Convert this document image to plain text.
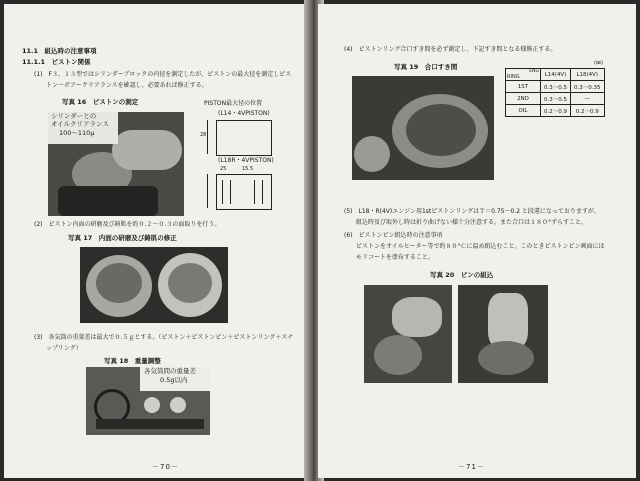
11.1　組込時の注意事項
11.1.1　ピストン関係
(1)　F３，１３型ではシリンダーブロックの内径を測定したが、ピストンの最大径を測定しピス
トン～ボアークリアランスを確認し、必要あれば修正する。
写真 16　ピストンの測定
シリンダーとの
オイルクリアランス
100～110μ
PISTON最大径の位置
(L14・4VPISTON)
28
(L18R・4VPISTON)
25	15.5
(2)　ピストン内面の研磨及び鋳肌を約０.２～０.３の面取りを行う。
写真 17　内面の研磨及び鋳肌の修正
(3)　各気筒の重量差は最大で０.５ｇとする。（ピストン＋ピストンピン＋ピストンリング＋スナ
ップリング）
写真 18　重量調整
各気筒間の重量差
0.5g以内
－70－
(4)　ピストンリング合口すき間を必ず測定し、下記すき間となる様修正する。
写真 19　合口すき間	(㎜)
RING
ENG	L14(4V)	L18(4V)
1ST	0.3～0.5	0.3～0.35
2ND	0.3～0.5	—
OIL	0.2～0.9	0.2～0.9
(5)　L18・R(4V)エンジン用1stピストンリングはＴ＝0.75～0.2 と段違になっておりますが、
組込時及び取外し時は折り曲げない様十分注意する。また合口は１８０°ずらすこと。
(6)　ピストンピン組込時の注意事項
ピストンをオイルヒーター等で約８０°Ｃに温め組込むこと。このときピストンピン画面には
モリコートを塗布すること。
写真 20　ピンの組込
－71－
